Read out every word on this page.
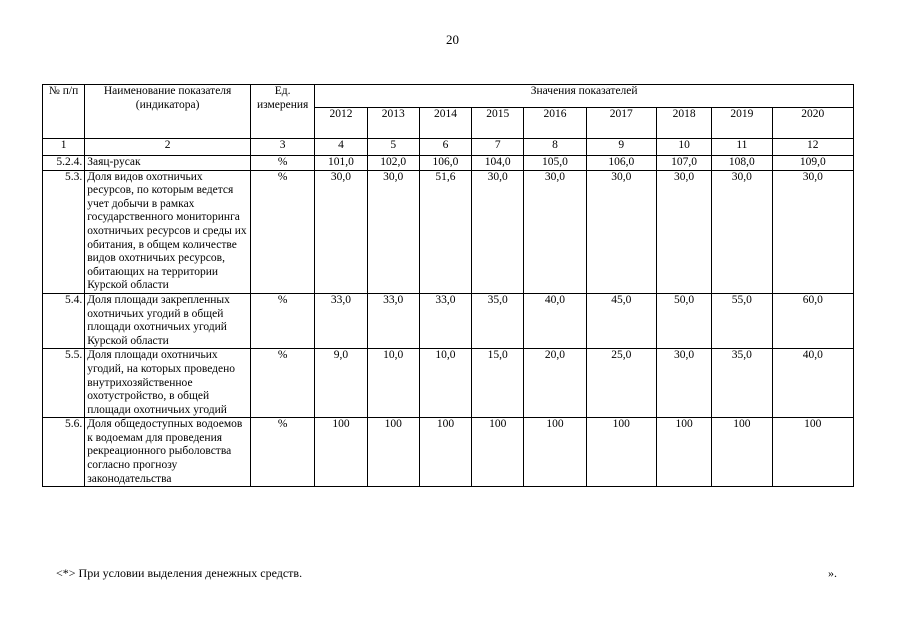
20
№ п/п	Наименование показателя (индикатора)	Ед. измерения	Значения показателей								
			2012	2013	2014	2015	2016	2017	2018	2019	2020
1	2	3	4	5	6	7	8	9	10	11	12
5.2.4.	Заяц-русак	%	101,0	102,0	106,0	104,0	105,0	106,0	107,0	108,0	109,0
5.3.	Доля видов охотничьих ресурсов, по которым ведется учет добычи в рамках государственного мониторинга охотничьих ресурсов и среды их обитания, в общем количестве видов охотничьих ресурсов, обитающих на территории Курской области	%	30,0	30,0	51,6	30,0	30,0	30,0	30,0	30,0	30,0
5.4.	Доля площади закрепленных охотничьих угодий в общей площади охотничьих угодий Курской области	%	33,0	33,0	33,0	35,0	40,0	45,0	50,0	55,0	60,0
5.5.	Доля площади охотничьих угодий, на которых проведено внутрихозяйственное охотустройство, в общей площади охотничьих угодий	%	9,0	10,0	10,0	15,0	20,0	25,0	30,0	35,0	40,0
5.6.	Доля общедоступных водоемов к водоемам для проведения рекреационного рыболовства согласно прогнозу законодательства	%	100	100	100	100	100	100	100	100	100
<*> При условии выделения денежных средств.	».
